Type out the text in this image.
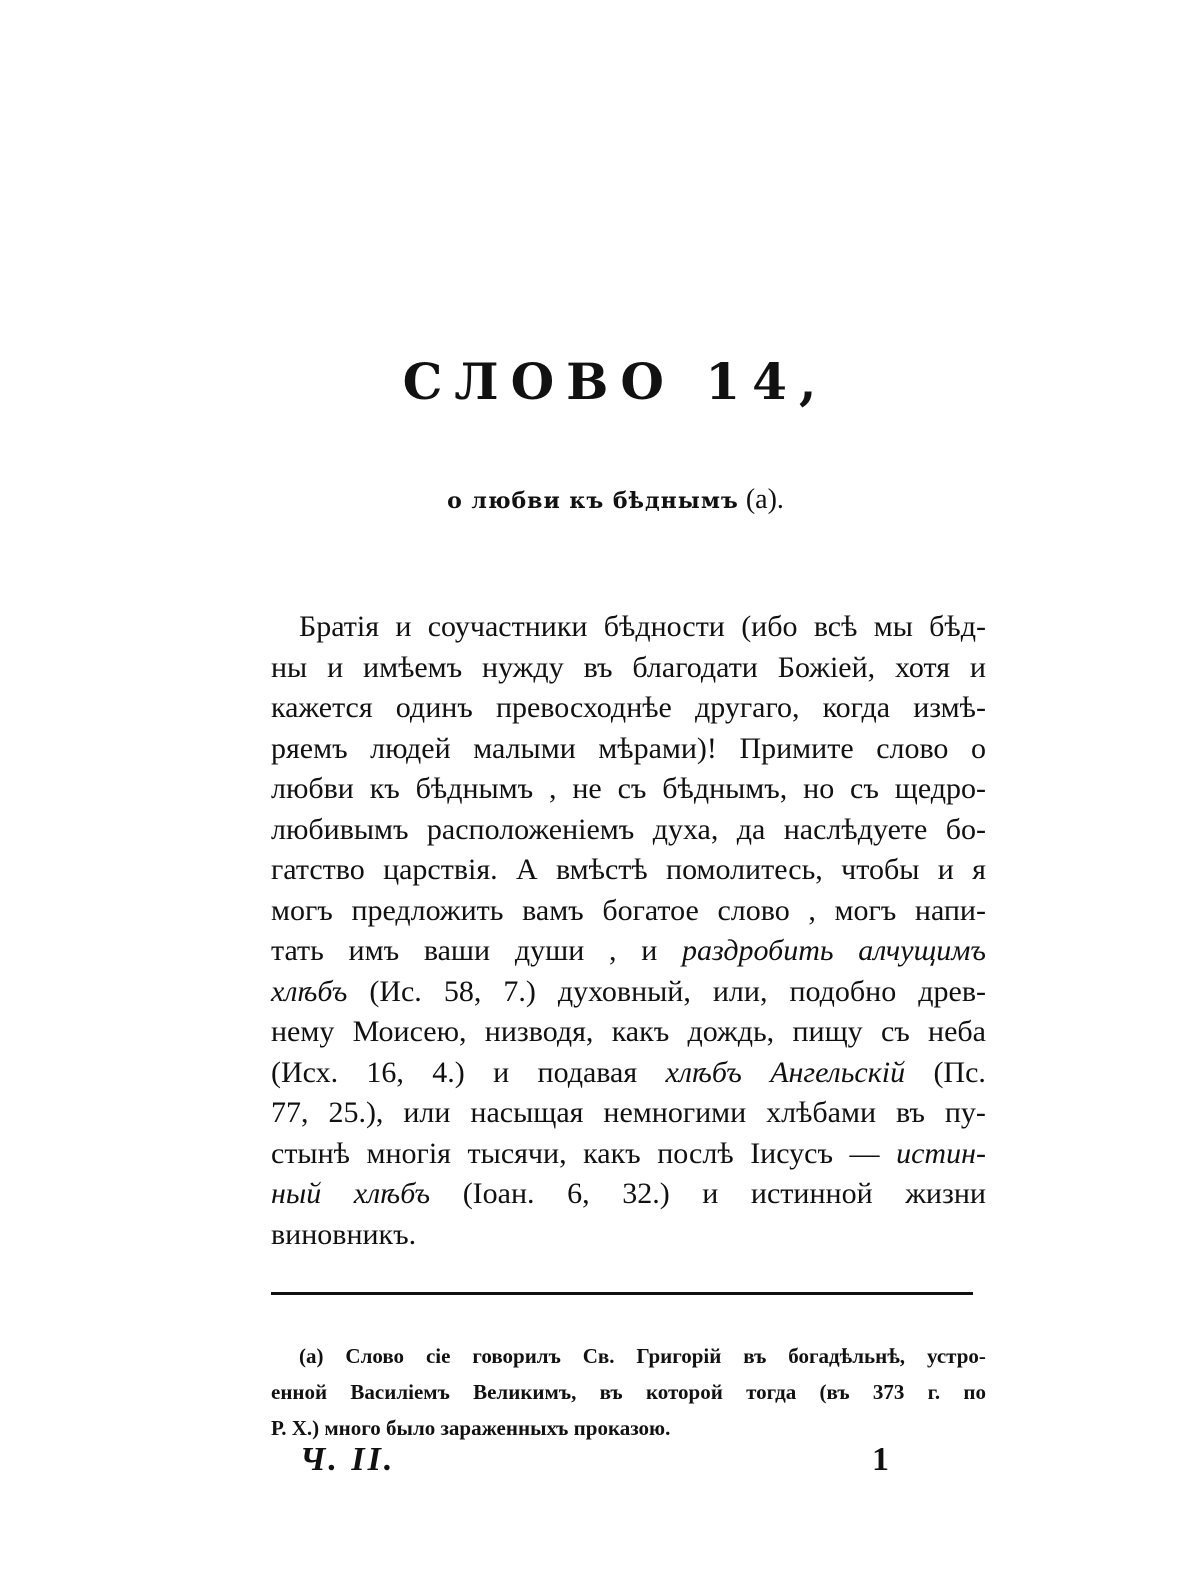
СЛОВО 14,
о любви къ бѣднымъ (а).
Братія и соучастники бѣдности (ибо всѣ мы бѣд-
ны и имѣемъ нужду въ благодати Божіей, хотя и
кажется одинъ превосходнѣе другаго, когда измѣ-
ряемъ людей малыми мѣрами)! Примите слово о
любви къ бѣднымъ , не съ бѣднымъ, но съ щедро-
любивымъ расположеніемъ духа, да наслѣдуете бо-
гатство царствія. А вмѣстѣ помолитесь, чтобы и я
могъ предложить вамъ богатое слово , могъ напи-
тать имъ ваши души , и раздробить алчущимъ
хлѣбъ (Ис. 58, 7.) духовный, или, подобно древ-
нему Моисею, низводя, какъ дождь, пищу съ неба
(Исх. 16, 4.) и подавая хлѣбъ Ангельскій (Пс.
77, 25.), или насыщая немногими хлѣбами въ пу-
стынѣ многія тысячи, какъ послѣ Іисусъ — истин-
ный хлѣбъ (Іоан. 6, 32.) и истинной жизни
виновникъ.
(а) Слово сіе говорилъ Св. Григорій въ богадѣльнѣ, устро-
енной Василіемъ Великимъ, въ которой тогда (въ 373 г. по
Р.
Х.)
много
было
зараженныхъ
проказою.
Ч. II.	1
